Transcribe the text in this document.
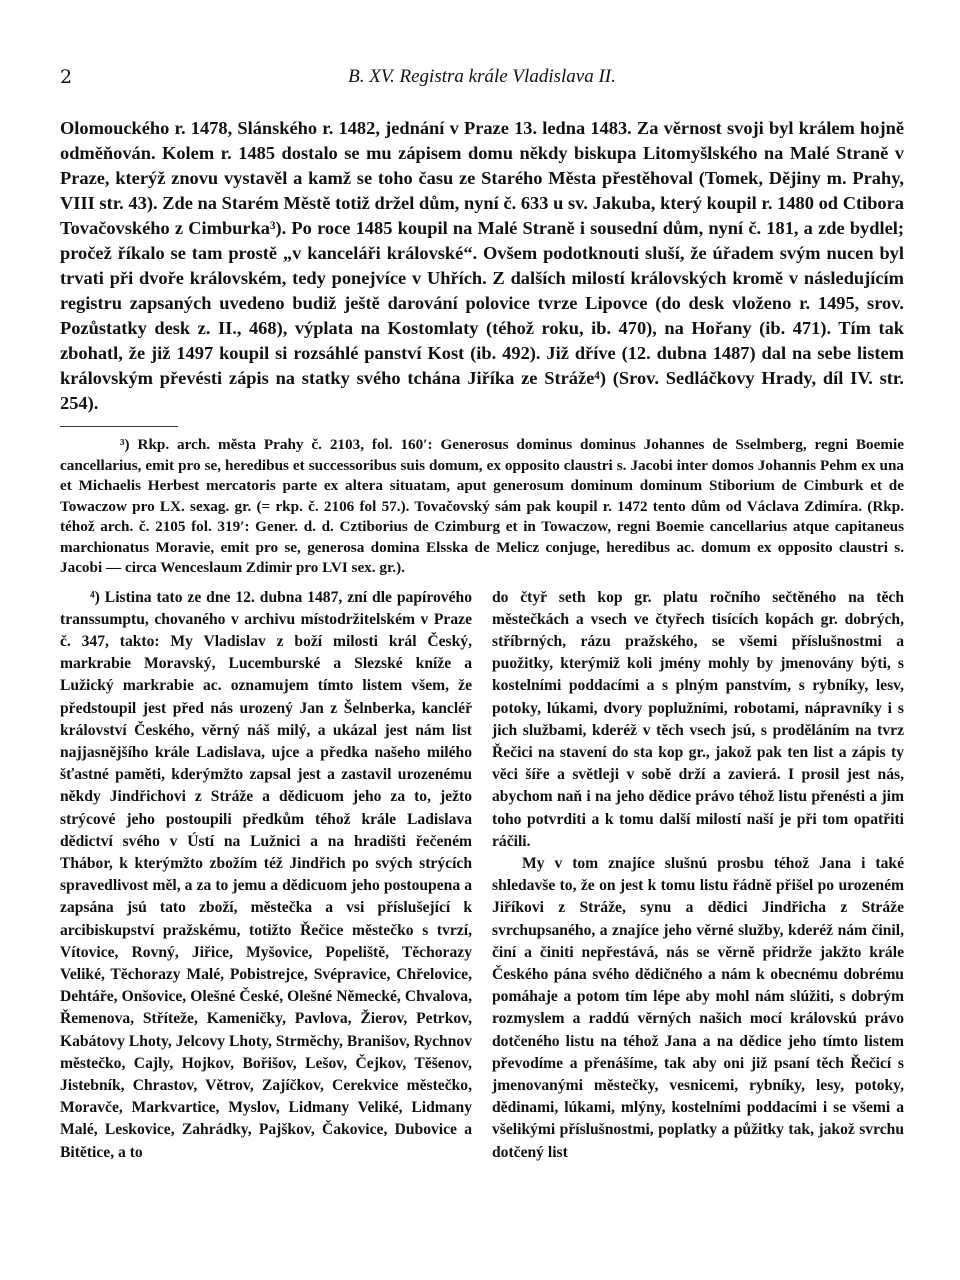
2	B. XV. Registra krále Vladislava II.

Olomouckého r. 1478, Slánského r. 1482, jednání v Praze 13. ledna 1483. Za věrnost svoji byl králem hojně odměňován. Kolem r. 1485 dostalo se mu zápisem domu někdy biskupa Litomyšlského na Malé Straně v Praze, kterýž znovu vystavěl a kamž se toho času ze Starého Města přestěhoval (Tomek, Dějiny m. Prahy, VIII str. 43). Zde na Starém Městě totiž držel dům, nyní č. 633 u sv. Jakuba, který koupil r. 1480 od Ctibora Tovačovského z Cimburka³). Po roce 1485 koupil na Malé Straně i sousední dům, nyní č. 181, a zde bydlel; pročež říkalo se tam prostě „v kanceláři královské“. Ovšem podotknouti sluší, že úřadem svým nucen byl trvati při dvoře královském, tedy ponejvíce v Uhřích. Z dalších milostí královských kromě v následujícím registru zapsaných uvedeno budiž ještě darování polovice tvrze Lipovce (do desk vloženo r. 1495, srov. Pozůstatky desk z. II., 468), výplata na Kostomlaty (téhož roku, ib. 470), na Hořany (ib. 471). Tím tak zbohatl, že již 1497 koupil si rozsáhlé panství Kost (ib. 492). Již dříve (12. dubna 1487) dal na sebe listem královským převésti zápis na statky svého tchána Jiříka ze Stráže⁴) (Srov. Sedláčkovy Hrady, díl IV. str. 254).

³) Rkp. arch. města Prahy č. 2103, fol. 160′: Generosus dominus dominus Johannes de Sselmberg, regni Boemie cancellarius, emit pro se, heredibus et successoribus suis domum, ex opposito claustri s. Jacobi inter domos Johannis Pehm ex una et Michaelis Herbest mercatoris parte ex altera situatam, aput generosum dominum dominum Stiborium de Cimburk et de Towaczow pro LX. sexag. gr. (= rkp. č. 2106 fol 57.). Tovačovský sám pak koupil r. 1472 tento dům od Václava Zdimíra. (Rkp. téhož arch. č. 2105 fol. 319′: Gener. d. d. Cztiborius de Czimburg et in Towaczow, regni Boemie cancellarius atque capitaneus marchionatus Moravie, emit pro se, generosa domina Elsska de Melicz conjuge, heredibus ac. domum ex opposito claustri s. Jacobi — circa Wenceslaum Zdimir pro LVI sex. gr.).

⁴) Listina tato ze dne 12. dubna 1487, zní dle papírového transsumptu, chovaného v archivu místodržitelském v Praze č. 347, takto: My Vladislav z boží milosti král Český, markrabie Moravský, Lucemburské a Slezské kníže a Lužický markrabie ac. oznamujem tímto listem všem, že předstoupil jest před nás urozený Jan z Šelnberka, kancléř království Českého, věrný náš milý, a ukázal jest nám list najjasnějšího krále Ladislava, ujce a předka našeho milého šťastné paměti, kderýmžto zapsal jest a zastavil urozenému někdy Jindřichovi z Stráže a dědicuom jeho za to, ježto strýcové jeho postoupili předkům téhož krále Ladislava dědictví svého v Ústí na Lužnici a na hradišti řečeném Thábor, k kterýmžto zbožím též Jindřich po svých strýcích spravedlivost měl, a za to jemu a dědicuom jeho postoupena a zapsána jsú tato zboží, městečka a vsi příslušející k arcibiskupství pražskému, totižto Řečice městečko s tvrzí, Vítovice, Rovný, Jiřice, Myšovice, Popeliště, Těchorazy Veliké, Těchorazy Malé, Pobistrejce, Svépravice, Chřelovice, Dehtáře, Onšovice, Olešné České, Olešné Německé, Chvalova, Řemenova, Stříteže, Kameničky, Pavlova, Žierov, Petrkov, Kabátovy Lhoty, Jelcovy Lhoty, Strměchy, Branišov, Rychnov městečko, Cajly, Hojkov, Bořišov, Lešov, Čejkov, Těšenov, Jistebník, Chrastov, Větrov, Zajíčkov, Cerekvice městečko, Moravče, Markvartice, Myslov, Lidmany Veliké, Lidmany Malé, Leskovice, Zahrádky, Pajškov, Čakovice, Dubovice a Bitětice, a to

do čtyř seth kop gr. platu ročního sečtěného na těch městečkách a vsech ve čtyřech tisících kopách gr. dobrých, stříbrných, rázu pražského, se všemi příslušnostmi a puožitky, kterýmiž koli jmény mohly by jmenovány býti, s kostelními poddacími a s plným panstvím, s rybníky, lesv, potoky, lúkami, dvory poplužními, robotami, nápravníky i s jich službami, kderéž v těch vsech jsú, s proděláním na tvrz Řečici na stavení do sta kop gr., jakož pak ten list a zápis ty věci šíře a světleji v sobě drží a zavierá. I prosil jest nás, abychom naň i na jeho dědice právo téhož listu přenésti a jim toho potvrditi a k tomu další milostí naší je při tom opatřiti ráčili.

My v tom znajíce slušnú prosbu téhož Jana i také shledavše to, že on jest k tomu listu řádně přišel po urozeném Jiříkovi z Stráže, synu a dědici Jindřicha z Stráže svrchupsaného, a znajíce jeho věrné služby, kderéž nám činil, činí a činiti nepřestává, nás se věrně přidrže jakžto krále Českého pána svého dědičného a nám k obecnému dobrému pomáhaje a potom tím lépe aby mohl nám slúžiti, s dobrým rozmyslem a raddú věrných našich mocí královskú právo dotčeného listu na téhož Jana a na dědice jeho tímto listem převodíme a přenášíme, tak aby oni již psaní těch Řečicí s jmenovanými městečky, vesnicemi, rybníky, lesy, potoky, dědinami, lúkami, mlýny, kostelními poddacími i se všemi a všelikými příslušnostmi, poplatky a půžitky tak, jakož svrchu dotčený list
